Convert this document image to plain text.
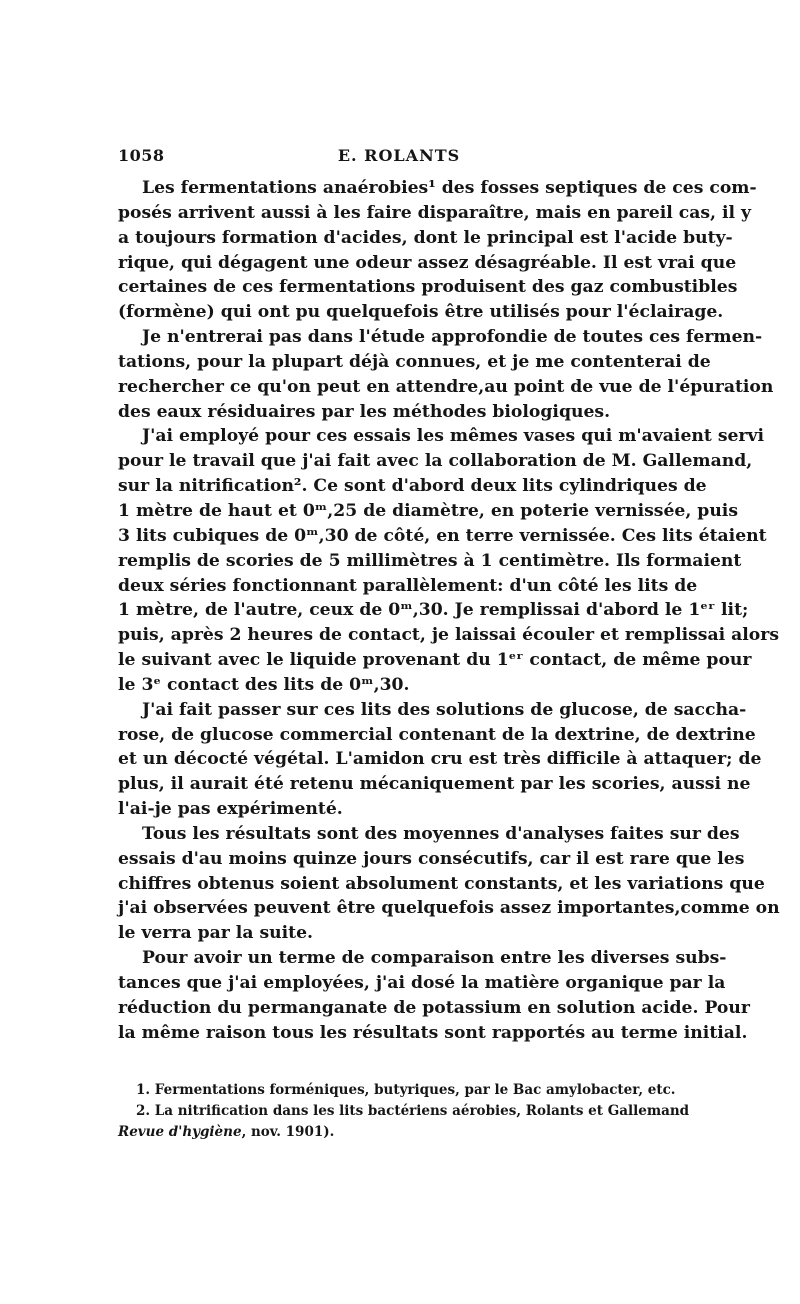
1058	E. ROLANTS
Les fermentations anaérobies¹ des fosses septiques de ces com-
posés arrivent aussi à les faire disparaître, mais en pareil cas, il y
a toujours formation d'acides, dont le principal est l'acide buty-
rique, qui dégagent une odeur assez désagréable. Il est vrai que
certaines de ces fermentations produisent des gaz combustibles
(formène) qui ont pu quelquefois être utilisés pour l'éclairage.
Je n'entrerai pas dans l'étude approfondie de toutes ces fermen-
tations, pour la plupart déjà connues, et je me contenterai de
rechercher ce qu'on peut en attendre,au point de vue de l'épuration
des eaux résiduaires par les méthodes biologiques.
J'ai employé pour ces essais les mêmes vases qui m'avaient servi
pour le travail que j'ai fait avec la collaboration de M. Gallemand,
sur la nitrification². Ce sont d'abord deux lits cylindriques de
1 mètre de haut et 0ᵐ,25 de diamètre, en poterie vernissée, puis
3 lits cubiques de 0ᵐ,30 de côté, en terre vernissée. Ces lits étaient
remplis de scories de 5 millimètres à 1 centimètre. Ils formaient
deux séries fonctionnant parallèlement: d'un côté les lits de
1 mètre, de l'autre, ceux de 0ᵐ,30. Je remplissai d'abord le 1ᵉʳ lit;
puis, après 2 heures de contact, je laissai écouler et remplissai alors
le suivant avec le liquide provenant du 1ᵉʳ contact, de même pour
le 3ᵉ contact des lits de 0ᵐ,30.
J'ai fait passer sur ces lits des solutions de glucose, de saccha-
rose, de glucose commercial contenant de la dextrine, de dextrine
et un décocté végétal. L'amidon cru est très difficile à attaquer; de
plus, il aurait été retenu mécaniquement par les scories, aussi ne
l'ai-je pas expérimenté.
Tous les résultats sont des moyennes d'analyses faites sur des
essais d'au moins quinze jours consécutifs, car il est rare que les
chiffres obtenus soient absolument constants, et les variations que
j'ai observées peuvent être quelquefois assez importantes,comme on
le verra par la suite.
Pour avoir un terme de comparaison entre les diverses subs-
tances que j'ai employées, j'ai dosé la matière organique par la
réduction du permanganate de potassium en solution acide. Pour
la même raison tous les résultats sont rapportés au terme initial.
1. Fermentations forméniques, butyriques, par le Bac amylobacter, etc.
2. La nitrification dans les lits bactériens aérobies, Rolants et Gallemand
Revue d'hygiène, nov. 1901).
